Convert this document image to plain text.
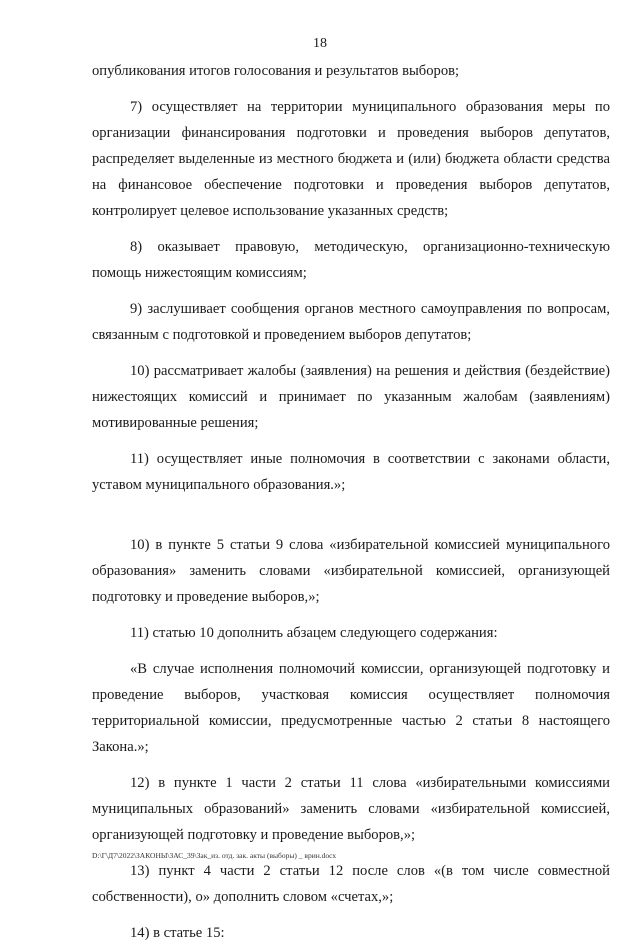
18

опубликования итогов голосования и результатов выборов;

7) осуществляет на территории муниципального образования меры по организации финансирования подготовки и проведения выборов депутатов, распределяет выделенные из местного бюджета и (или) бюджета области средства на финансовое обеспечение подготовки и проведения выборов депутатов, контролирует целевое использование указанных средств;

8) оказывает правовую, методическую, организационно-техническую помощь нижестоящим комиссиям;

9) заслушивает сообщения органов местного самоуправления по вопросам, связанным с подготовкой и проведением выборов депутатов;

10) рассматривает жалобы (заявления) на решения и действия (бездействие) нижестоящих комиссий и принимает по указанным жалобам (заявлениям) мотивированные решения;

11) осуществляет иные полномочия в соответствии с законами области, уставом муниципального образования.»;

10) в пункте 5 статьи 9 слова «избирательной комиссией муниципального образования» заменить словами «избирательной комиссией, организующей подготовку и проведение выборов,»;

11) статью 10 дополнить абзацем следующего содержания:

«В случае исполнения полномочий комиссии, организующей подготовку и проведение выборов, участковая комиссия осуществляет полномочия территориальной комиссии, предусмотренные частью 2 статьи 8 настоящего Закона.»;

12) в пункте 1 части 2 статьи 11 слова «избирательными комиссиями муниципальных образований» заменить словами «избирательной комиссией, организующей подготовку и проведение выборов,»;

13) пункт 4 части 2 статьи 12 после слов «(в том числе совместной собственности), о» дополнить словом «счетах,»;

14) в статье 15:

D:\Г\Д7\2022\ЗАКОНЫ\ЗАС_39\Зак_из. отд. зак. акты (выборы) _ врин.docx
